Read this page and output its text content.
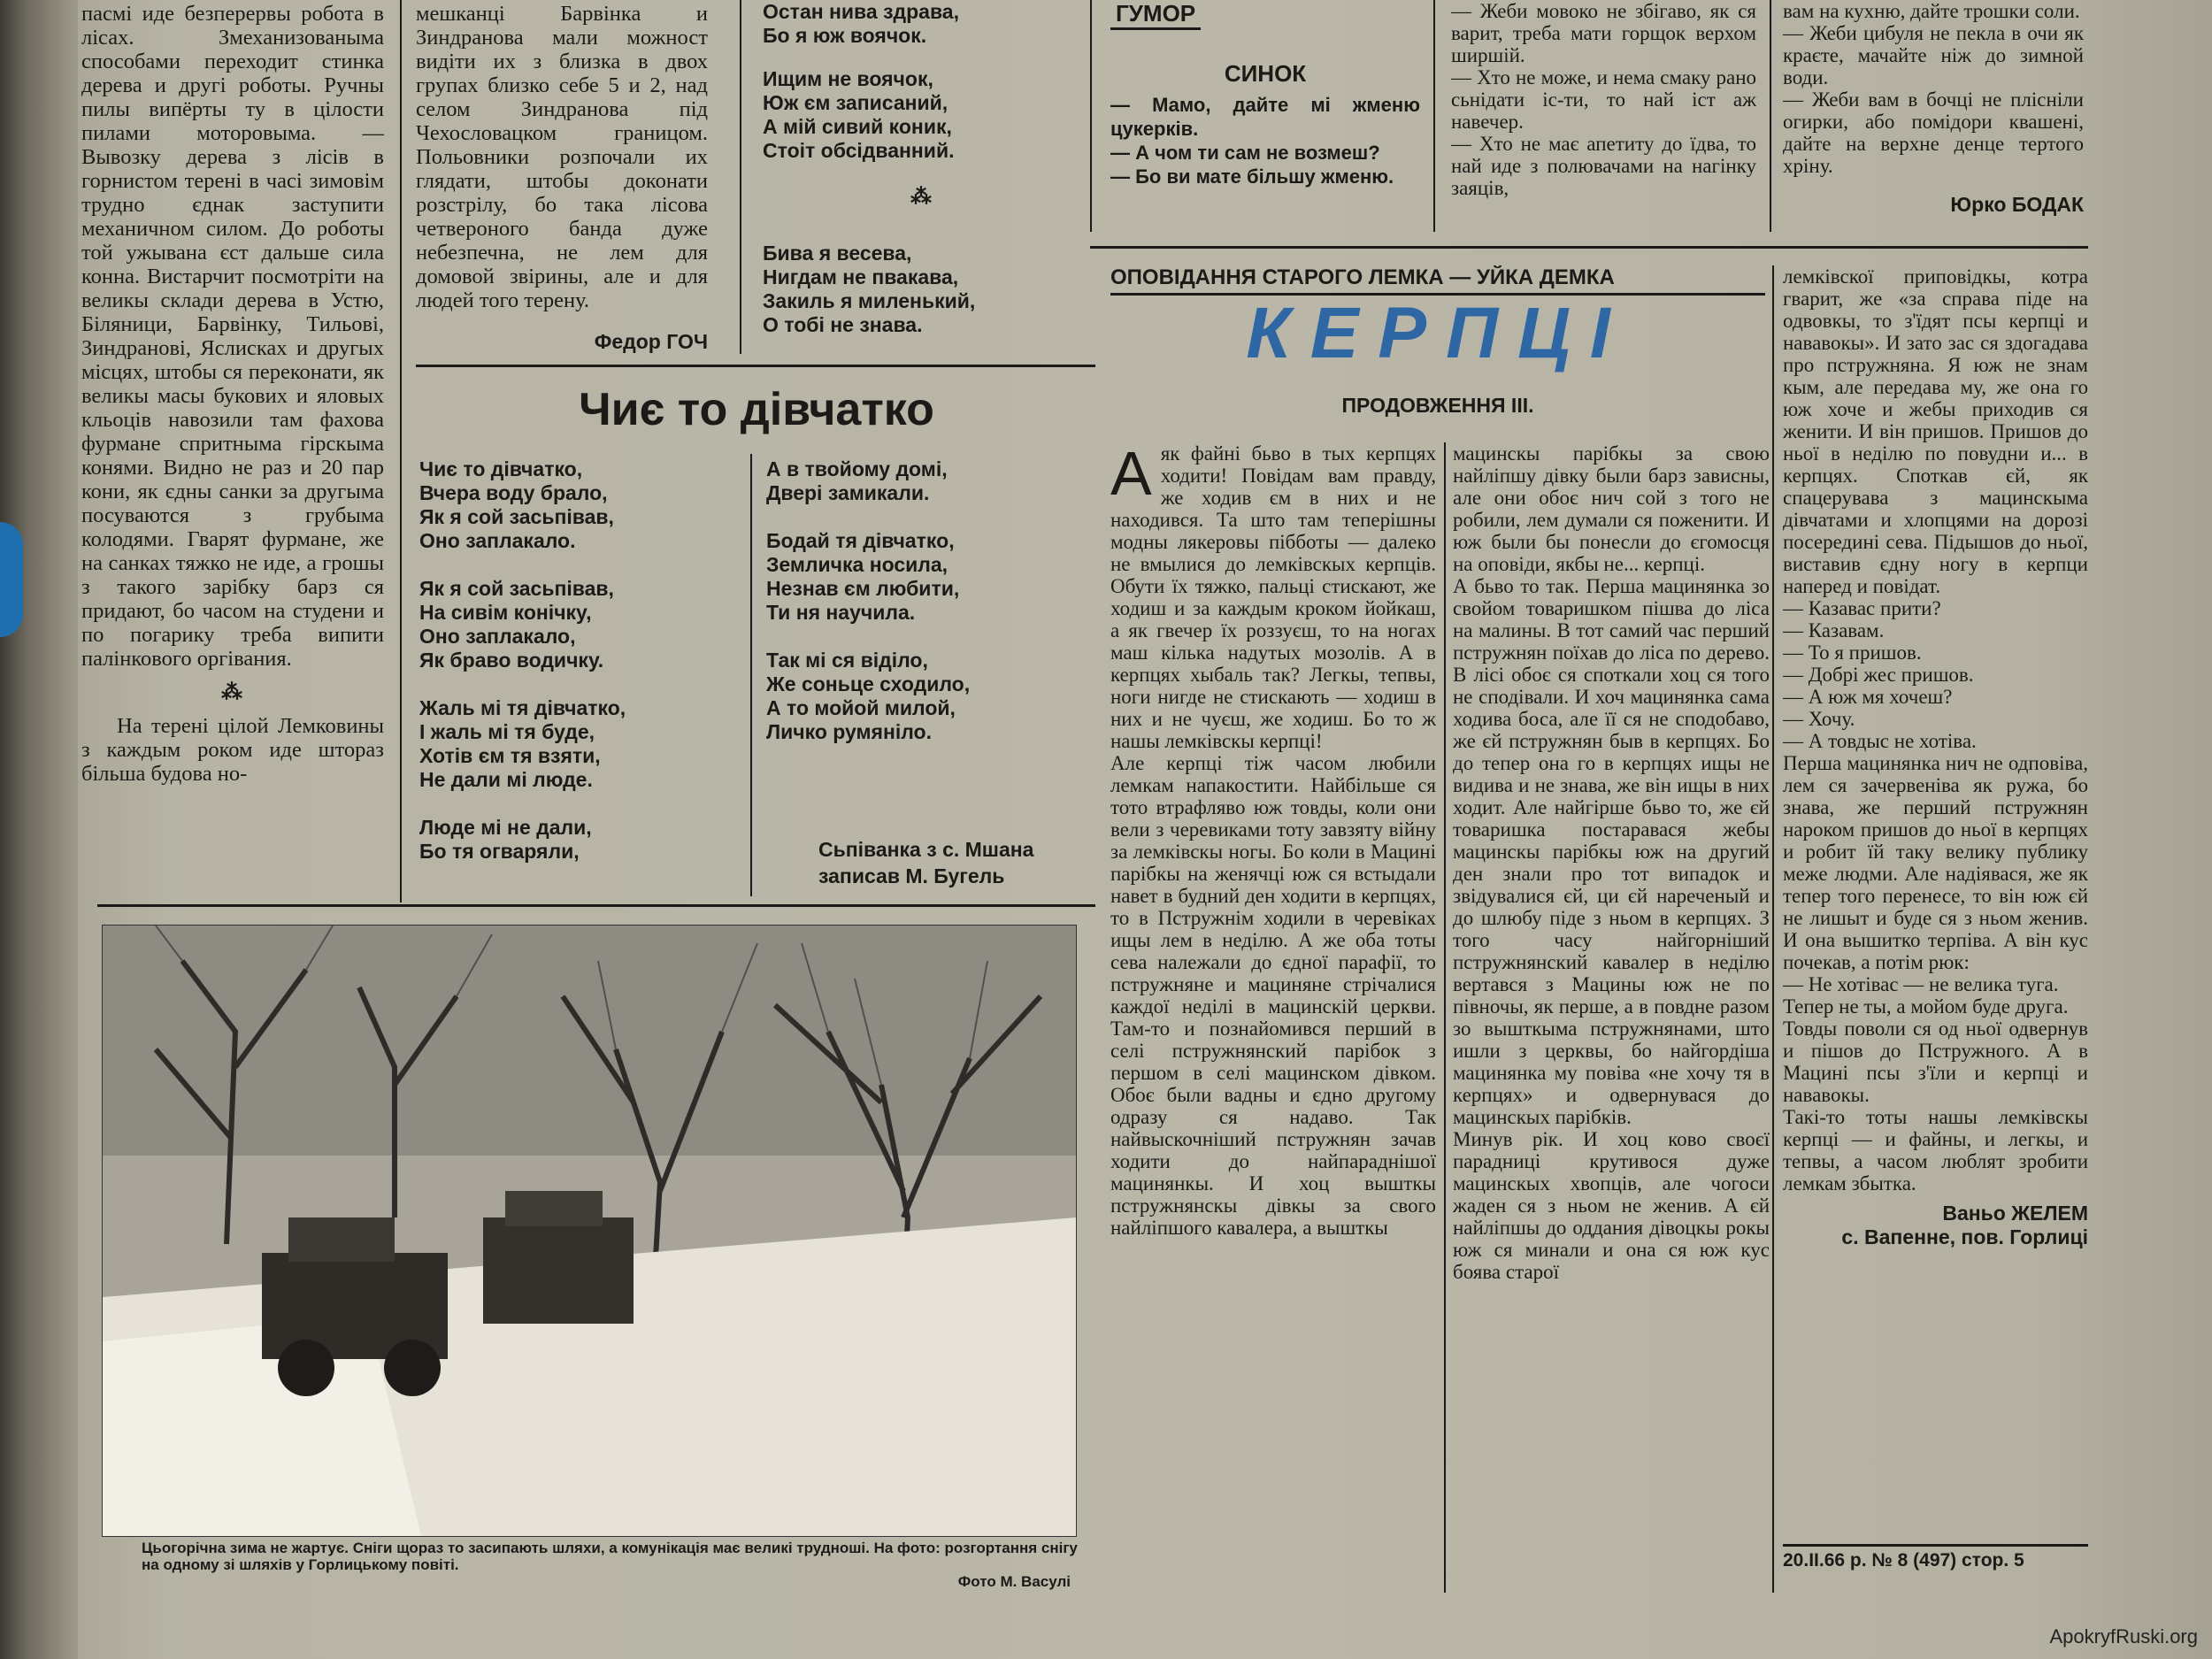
пасмі иде безперервы робота в лісах. Змеханизованыма способами переходит стинка дерева и другі роботы. Ручны пилы випёрты ту в цілости пилами моторовыма. — Вывозку дерева з лісів в горнистом терені в часі зимовім трудно єднак заступити механичном силом. До роботы той ужывана єст дальше сила конна. Вистарчит посмотріти на великы склади дерева в Устю, Біляници, Барвінку, Тильові, Зиндранові, Яслисках и другых місцях, штобы ся переконати, як великы масы букових и яловых кльоців навозили там фахова фурмане спритныма гірскыма конями. Видно не раз и 20 пар кони, як єдны санки за другыма посуваются з грубыма колодями. Гварят фурмане, же на санках тяжко не иде, а грошы з такого зарібку барз ся придают, бо часом на студени и по погарику треба випити палінкового оргівания.
⁂
На терені цілой Лемковины з каждым роком иде штораз більша будова но-
мешканці Барвінка и Зиндранова мали можност видіти их з близка в двох групах близко себе 5 и 2, над селом Зиндранова під Чехословацком границом. Польовники розпочали их глядати, штобы доконати розстрілу, бо така лісова четвероного банда дуже небезпечна, не лем для домовой звірины, але и для людей того терену.
Федор ГОЧ
Остан нива здрава,
Бо я юж воячок.
Ищим не воячок,
Юж єм записаний,
А мій сивий коник,
Стоіт обсідванний.
⁂
Бива я весева,
Нигдам не пвакава,
Закиль я миленький,
О тобі не знава.
ГУМОР
СИНОК
— Мамо, дайте мі жменю цукерків.
— А чом ти сам не возмеш?
— Бо ви мате більшу жменю.
— Жеби мовоко не збігаво, як ся варит, треба мати горщок верхом ширшій.
— Хто не може, и нема смаку рано сьнідати іс-ти, то най іст аж навечер.
— Хто не має апетиту до їдва, то най иде з полювачами на нагінку заяців,
вам на кухню, дайте трошки соли.
— Жеби цибуля не пекла в очи як краєте, мачайте ніж до зимной води.
— Жеби вам в бочці не плісніли огирки, або помідори квашені, дайте на верхне денце тертого хріну.
Юрко БОДАК
Чиє то дівчатко
Чиє то дівчатко,
Вчера воду брало,
Як я сой засьпівав,
Оно заплакало.

Як я сой засьпівав,
На сивім конічку,
Оно заплакало,
Як браво водичку.

Жаль мі тя дівчатко,
І жаль мі тя буде,
Хотів єм тя взяти,
Не дали мі люде.

Люде мі не дали,
Бо тя огваряли,
А в твойому домі,
Двері замикали.

Бодай тя дівчатко,
Земличка носила,
Незнав єм любити,
Ти ня научила.

Так мі ся віділо,
Же соньце сходило,
А то мойой милой,
Личко румяніло.
Сьпіванка з с. Мшана
записав М. Бугель
Цьогорічна зима не жартує. Сніги щораз то засипають шляхи, а комунікація має великі трудноші. На фото: розгортання снігу на одному зі шляхів у Горлицькому повіті.
Фото М. Васулі
ОПОВІДАННЯ СТАРОГО ЛЕМКА — УЙКА ДЕМКА
КЕРПЦІ
ПРОДОВЖЕННЯ III.
А як файні бьво в тых керпцях ходити! Повідам вам правду, же ходив єм в них и не находився. Та што там теперішны модны лякеровы пібботы — далеко не вмылися до лемківскых керпців. Обути їх тяжко, пальці стискают, же ходиш и за каждым кроком йойкаш, а як гвечер їх роззуєш, то на ногах маш кілька надутых мозолів. А в керпцях хыбаль так? Легкы, тепвы, ноги нигде не стискають — ходиш в них и не чуєш, же ходиш. Бо то ж нашы лемківскы керпці!
Але керпці тіж часом любили лемкам напакостити. Найбільше ся тото втрафляво юж товды, коли они вели з черевиками тоту завзяту війну за лемківскы ногы. Бо коли в Мацині парібкы на женячці юж ся встыдали навет в будний ден ходити в керпцях, то в Пстружнім ходили в черевіках ищы лем в неділю. А же оба тоты сева належали до єдної парафії, то пстружняне и мациняне стрічалися каждої неділі в мацинскій церкви. Там-то и познайомився перший в селі пстружнянский парібок з першом в селі мацинском дівком. Обоє были вадны и єдно другому одразу ся надаво. Так найвыскочніший пстружнян зачав ходити до найпараднішої мацинянкы. И хоц вышткы пстружнянскы дівкы за свого найліпшого кавалера, а вышткы
мацинскы парібкы за свою найліпшу дівку были барз зависны, але они обоє нич сой з того не робили, лем думали ся поженити. И юж были бы понесли до єгомосця на оповіди, якбы не... керпці.
А бьво то так. Перша мацинянка зо свойом товаришком пішва до ліса на малины. В тот самий час перший пстружнян поїхав до ліса по дерево. В лісі обоє ся споткали хоц ся того не сподівали. И хоч мацинянка сама ходива боса, але її ся не сподобаво, же єй пстружнян быв в керпцях. Бо до тепер она го в керпцях ищы не видива и не знава, же він ищы в них ходит. Але найгірше бьво то, же єй товаришка постаравася жебы мацинскы парібкы юж на другий ден знали про тот випадок и звідувалися єй, ци єй нареченый и до шлюбу піде з ньом в керпцях. З того часу найгорніший пстружнянский кавалер в неділю вертався з Мацины юж не по півночы, як перше, а в повдне разом зо вышткыма пстружнянами, што ишли з церквы, бо найгордіша мацинянка му повіва «не хочу тя в керпцях» и одвернувася до мацинскых парібків.
Минув рік. И хоц ково своєї парадниці крутивося дуже мацинскых хвопців, але чогоси жаден ся з ньом не женив. А єй найліпшы до оддания дівоцкы рокы юж ся минали и она ся юж кус боява старої
лемківскої приповідкы, котра гварит, же «за справа піде на одвовкы, то з'їдят псы керпці и нававокы». И зато зас ся здогадава про пстружняна. Я юж не знам кым, але передава му, же она го юж хоче и жебы приходив ся женити. И він пришов. Пришов до ньої в неділю по повудни и... в керпцях. Споткав єй, як спацерувава з мацинскыма дівчатами и хлопцями на дорозі посередині сева. Підышов до ньої, виставив єдну ногу в керпци наперед и повідат.
— Казавас прити?
— Казавам.
— То я пришов.
— Добрі жес пришов.
— А юж мя хочеш?
— Хочу.
— А товдыс не хотіва.
Перша мацинянка нич не одповіва, лем ся зачервеніва як ружа, бо знава, же перший пстружнян нароком пришов до ньої в керпцях и робит їй таку велику публику меже людми. Але надіявася, же як тепер того перенесе, то він юж єй не лишыт и буде ся з ньом женив. И она вышитко терпіва. А він кус почекав, а потім рюк:
— Не хотівас — не велика туга.
Тепер не ты, а мойом буде друга.
Товды поволи ся од ньої одвернув и пішов до Пстружного. А в Мацині псы з'їли и керпці и нававокы.
Такі-то тоты нашы лемківскы керпці — и файны, и легкы, и тепвы, а часом люблят зробити лемкам збытка.
Ваньо ЖЕЛЕМ
с. Вапенне, пов. Горлиці
20.II.66 р. № 8 (497) стор. 5
ApokryfRuski.org
